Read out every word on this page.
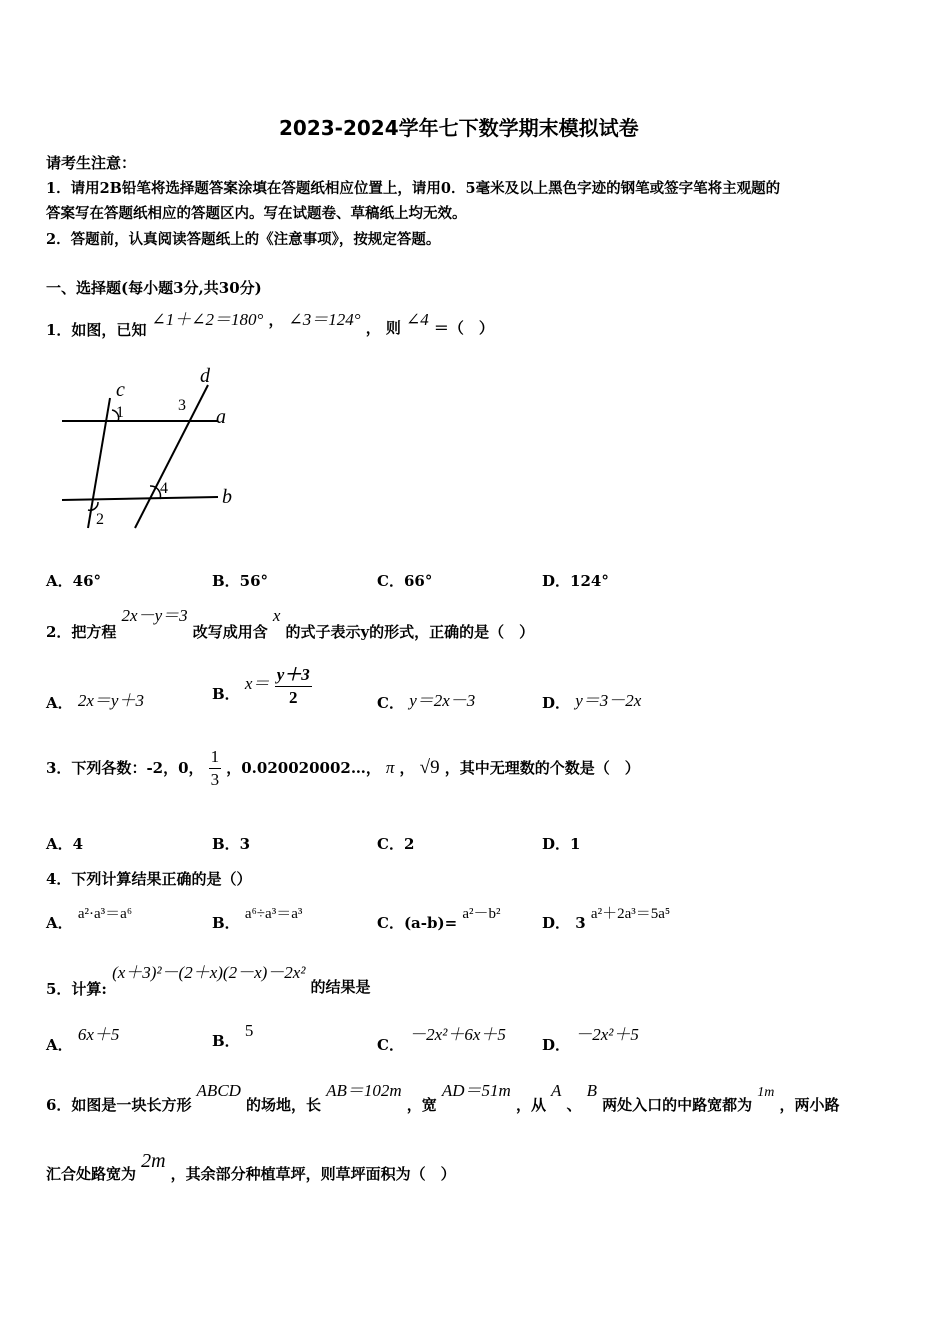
2023-2024学年七下数学期末模拟试卷
请考生注意：
1．请用2B铅笔将选择题答案涂填在答题纸相应位置上，请用0．5毫米及以上黑色字迹的钢笔或签字笔将主观题的
答案写在答题纸相应的答题区内。写在试题卷、草稿纸上均无效。
2．答题前，认真阅读答题纸上的《注意事项》，按规定答题。
一、选择题(每小题3分,共30分)
1．如图，已知 ∠1＋∠2＝180° ， ∠3＝124° ， 则 ∠4 ＝（　）
c
d
a
b
1
2
3
4
A．46°	B．56°	C．66°	D．124°
2．把方程 2x－y＝3 改写成用含 x 的式子表示y的形式，正确的是（　）
A． 2x＝y＋3	B． $x= \frac{y+3}{2}$	C． y＝2x－3	D． y＝3－2x
3．下列各数：-2，0， $\frac{1}{3}$ ，0.020020002…， π ， √9 ，其中无理数的个数是（　）
A．4	B．3	C．2	D．1
4．下列计算结果正确的是（）
A． a²·a³＝a⁶	B． a⁶÷a³＝a³	C．(a-b)= a²－b²	D． 3 a²＋2a³＝5a⁵
5．计算: (x＋3)²－(2＋x)(2－x)－2x² 的结果是
A． 6x＋5	B． 5
C． －2x²＋6x＋5
D． －2x²＋5
6．如图是一块长方形 ABCD 的场地，长 AB＝102m ，宽 AD＝51m ，从 A 、 B 两处入口的中路宽都为 1m ，两小路
汇合处路宽为 2m ，其余部分种植草坪，则草坪面积为（　）
